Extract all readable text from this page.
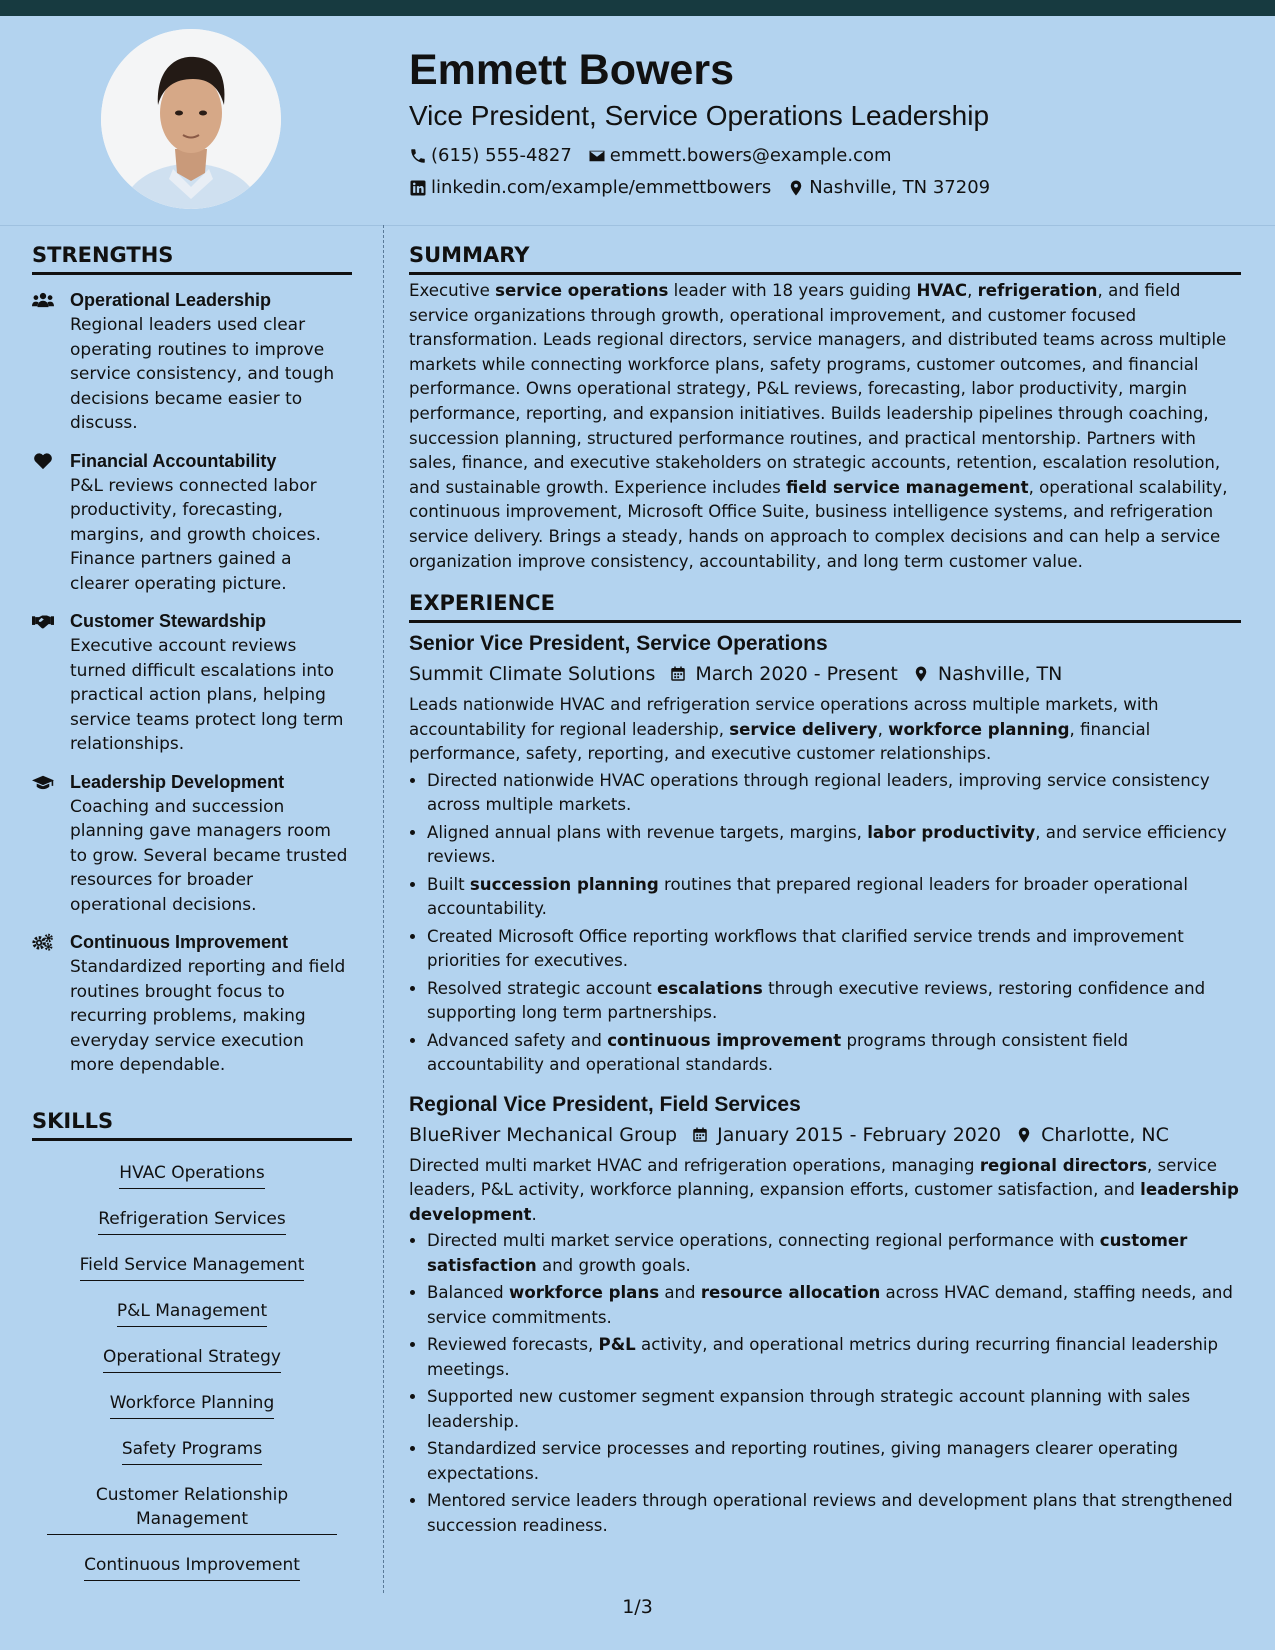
Emmett Bowers

Vice President, Service Operations Leadership

(615) 555-4827 emmett.bowers@example.com
linkedin.com/example/emmettbowers Nashville, TN 37209
STRENGTHS
Operational Leadership
Regional leaders used clear operating routines to improve service consistency, and tough decisions became easier to discuss.
Financial Accountability
P&L reviews connected labor productivity, forecasting, margins, and growth choices. Finance partners gained a clearer operating picture.
Customer Stewardship
Executive account reviews turned difficult escalations into practical action plans, helping service teams protect long term relationships.
Leadership Development
Coaching and succession planning gave managers room to grow. Several became trusted resources for broader operational decisions.
Continuous Improvement
Standardized reporting and field routines brought focus to recurring problems, making everyday service execution more dependable.
SKILLS
HVAC Operations
Refrigeration Services
Field Service Management
P&L Management
Operational Strategy
Workforce Planning
Safety Programs
Customer Relationship Management
Continuous Improvement
SUMMARY
Executive service operations leader with 18 years guiding HVAC, refrigeration, and field service organizations through growth, operational improvement, and customer focused transformation. Leads regional directors, service managers, and distributed teams across multiple markets while connecting workforce plans, safety programs, customer outcomes, and financial performance. Owns operational strategy, P&L reviews, forecasting, labor productivity, margin performance, reporting, and expansion initiatives. Builds leadership pipelines through coaching, succession planning, structured performance routines, and practical mentorship. Partners with sales, finance, and executive stakeholders on strategic accounts, retention, escalation resolution, and sustainable growth. Experience includes field service management, operational scalability, continuous improvement, Microsoft Office Suite, business intelligence systems, and refrigeration service delivery. Brings a steady, hands on approach to complex decisions and can help a service organization improve consistency, accountability, and long term customer value.
EXPERIENCE
Senior Vice President, Service Operations
Summit Climate Solutions March 2020 - Present Nashville, TN
Leads nationwide HVAC and refrigeration service operations across multiple markets, with accountability for regional leadership, service delivery, workforce planning, financial performance, safety, reporting, and executive customer relationships.
• Directed nationwide HVAC operations through regional leaders, improving service consistency across multiple markets.
• Aligned annual plans with revenue targets, margins, labor productivity, and service efficiency reviews.
• Built succession planning routines that prepared regional leaders for broader operational accountability.
• Created Microsoft Office reporting workflows that clarified service trends and improvement priorities for executives.
• Resolved strategic account escalations through executive reviews, restoring confidence and supporting long term partnerships.
• Advanced safety and continuous improvement programs through consistent field accountability and operational standards.
Regional Vice President, Field Services
BlueRiver Mechanical Group January 2015 - February 2020 Charlotte, NC
Directed multi market HVAC and refrigeration operations, managing regional directors, service leaders, P&L activity, workforce planning, expansion efforts, customer satisfaction, and leadership development.
• Directed multi market service operations, connecting regional performance with customer satisfaction and growth goals.
• Balanced workforce plans and resource allocation across HVAC demand, staffing needs, and service commitments.
• Reviewed forecasts, P&L activity, and operational metrics during recurring financial leadership meetings.
• Supported new customer segment expansion through strategic account planning with sales leadership.
• Standardized service processes and reporting routines, giving managers clearer operating expectations.
• Mentored service leaders through operational reviews and development plans that strengthened succession readiness.
1/3
